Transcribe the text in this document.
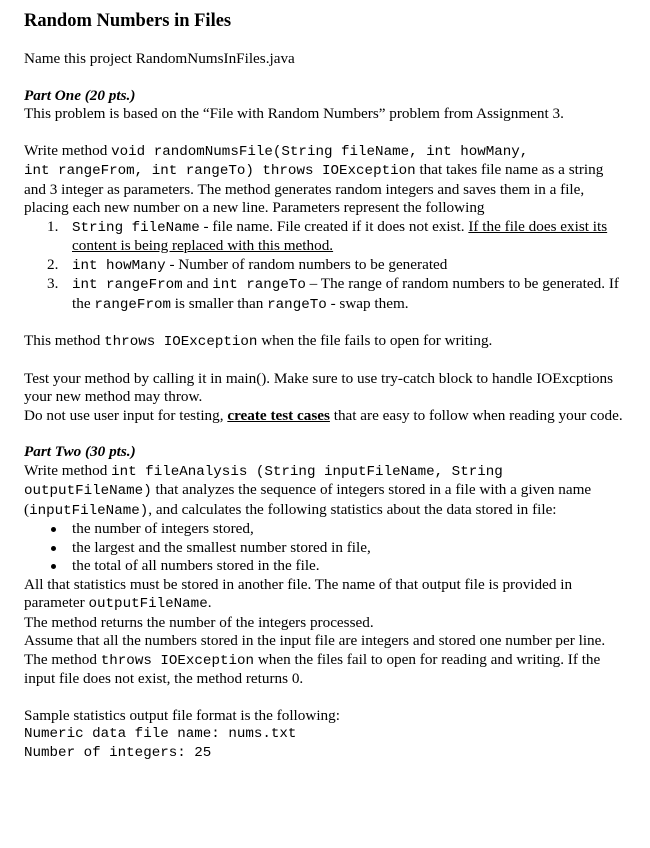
Random Numbers in Files

Name this project RandomNumsInFiles.java

Part One (20 pts.)

This problem is based on the “File with Random Numbers” problem from Assignment 3.

Write method void randomNumsFile(String fileName, int howMany,
int rangeFrom, int rangeTo) throws IOException that takes file name as a string and 3 integer as parameters. The method generates random integers and saves them in a file, placing each new number on a new line. Parameters represent the following

1. String fileName - file name. File created if it does not exist. If the file does exist its content is being replaced with this method.
2. int howMany - Number of random numbers to be generated
3. int rangeFrom and int rangeTo – The range of random numbers to be generated. If the rangeFrom is smaller than rangeTo - swap them.

This method throws IOException when the file fails to open for writing.

Test your method by calling it in main(). Make sure to use try-catch block to handle IOExcptions your new method may throw.

Do not use user input for testing, create test cases that are easy to follow when reading your code.

Part Two (30 pts.)

Write method int fileAnalysis (String inputFileName, String
outputFileName) that analyzes the sequence of integers stored in a file with a given name (inputFileName), and calculates the following statistics about the data stored in file:

the number of integers stored,
the largest and the smallest number stored in file,
the total of all numbers stored in the file.

All that statistics must be stored in another file. The name of that output file is provided in parameter outputFileName.

The method returns the number of the integers processed.

Assume that all the numbers stored in the input file are integers and stored one number per line.

The method throws IOException when the files fail to open for reading and writing. If the input file does not exist, the method returns 0.

Sample statistics output file format is the following:

Numeric data file name: nums.txt

Number of integers: 25
